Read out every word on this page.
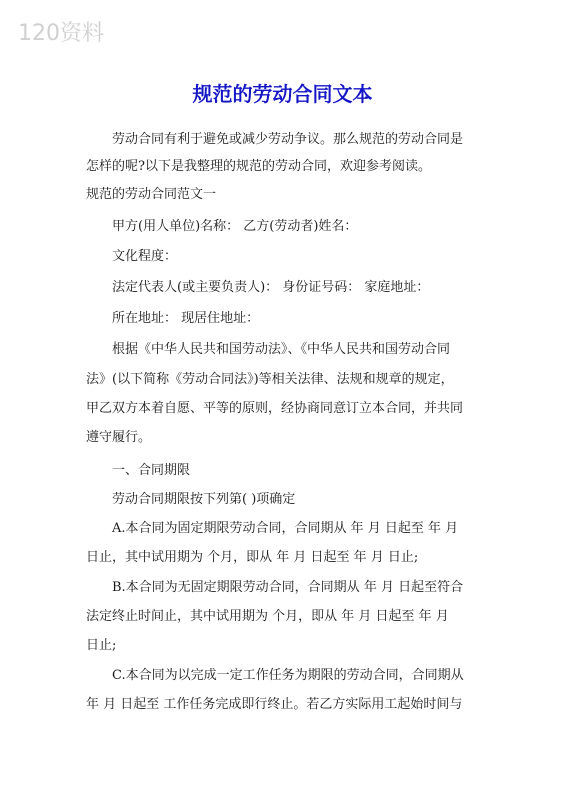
120资料
规范的劳动合同文本
劳动合同有利于避免或减少劳动争议。那么规范的劳动合同是
怎样的呢?以下是我整理的规范的劳动合同，欢迎参考阅读。
规范的劳动合同范文一
甲方(用人单位)名称： 乙方(劳动者)姓名：
文化程度：
法定代表人(或主要负责人)： 身份证号码： 家庭地址：
所在地址： 现居住地址：
根据《中华人民共和国劳动法》、《中华人民共和国劳动合同
法》(以下简称《劳动合同法》)等相关法律、法规和规章的规定，
甲乙双方本着自愿、平等的原则，经协商同意订立本合同，并共同
遵守履行。
一、合同期限
劳动合同期限按下列第( )项确定
A.本合同为固定期限劳动合同，合同期从 年 月 日起至 年 月
日止，其中试用期为 个月，即从 年 月 日起至 年 月 日止;
B.本合同为无固定期限劳动合同，合同期从 年 月 日起至符合
法定终止时间止，其中试用期为 个月，即从 年 月 日起至 年 月
日止;
C.本合同为以完成一定工作任务为期限的劳动合同，合同期从
年 月 日起至 工作任务完成即行终止。若乙方实际用工起始时间与
